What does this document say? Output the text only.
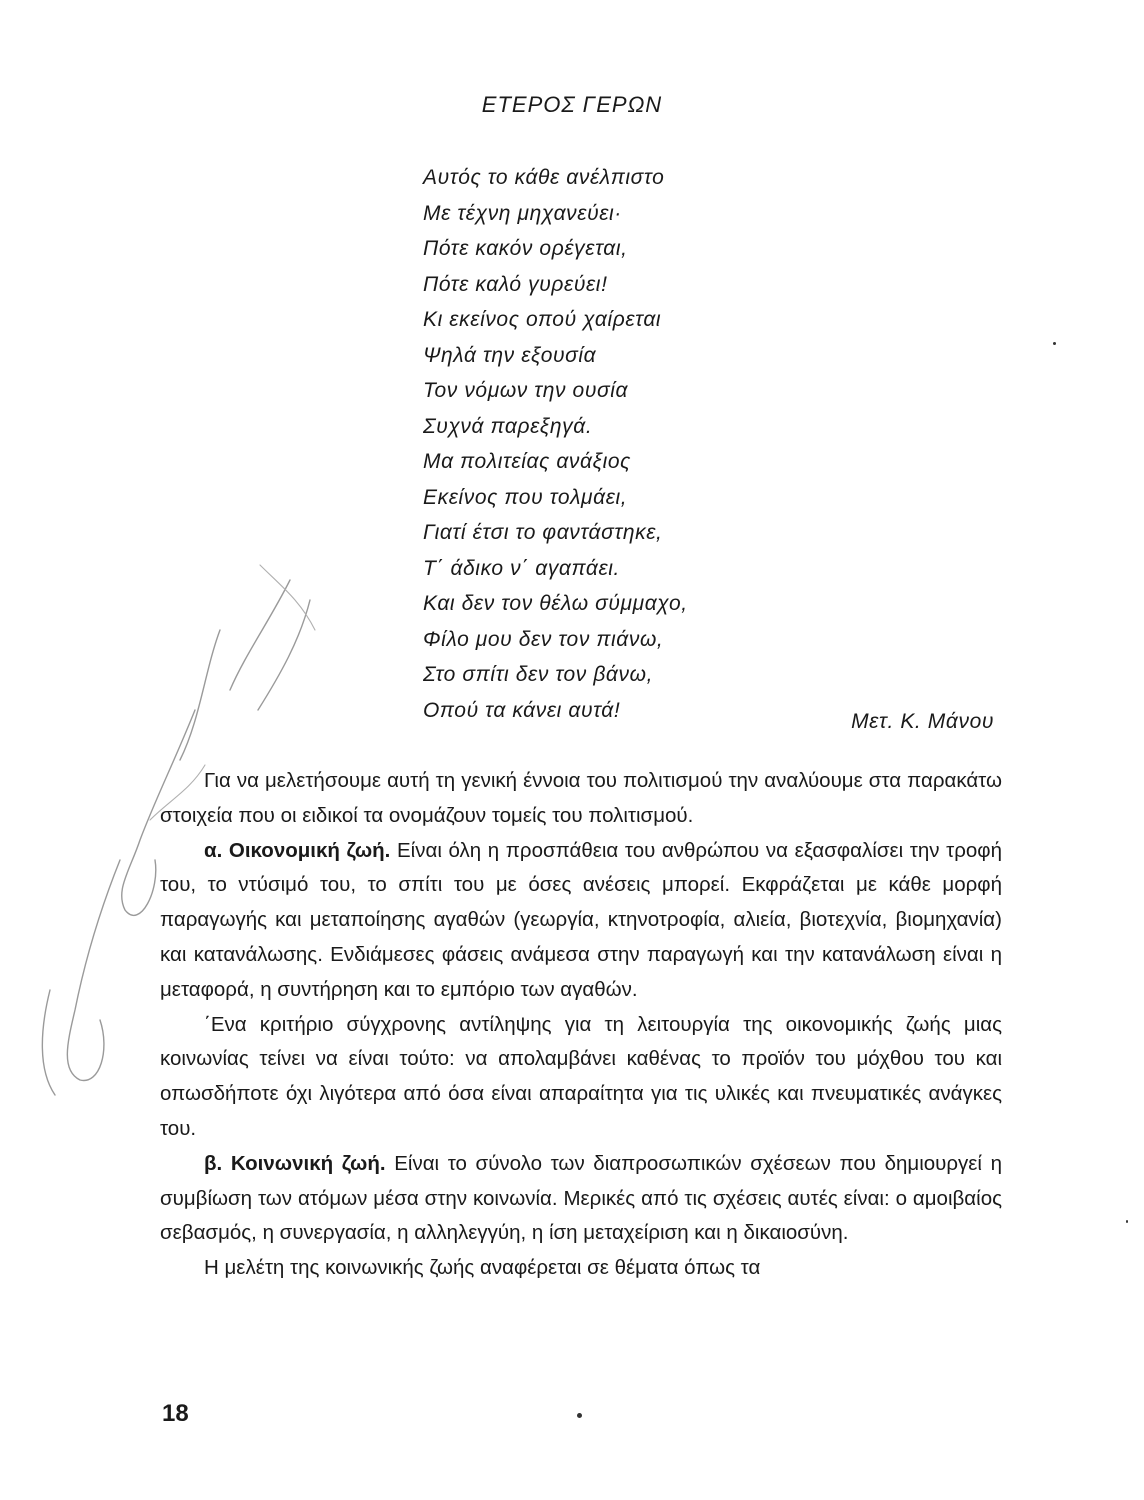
ΕΤΕΡΟΣ ΓΕΡΩΝ
Αυτός το κάθε ανέλπιστο
Με τέχνη μηχανεύει·
Πότε κακόν ορέγεται,
Πότε καλό γυρεύει!
Κι εκείνος οπού χαίρεται
Ψηλά την εξουσία
Τον νόμων την ουσία
Συχνά παρεξηγά.
Μα πολιτείας ανάξιος
Εκείνος που τολμάει,
Γιατί έτσι το φαντάστηκε,
Τ΄ άδικο ν΄ αγαπάει.
Και δεν τον θέλω σύμμαχο,
Φίλο μου δεν τον πιάνω,
Στο σπίτι δεν τον βάνω,
Οπού τα κάνει αυτά!	Μετ. Κ. Μάνου

Για να μελετήσουμε αυτή τη γενική έννοια του πολιτισμού την αναλύουμε στα παρακάτω στοιχεία που οι ειδικοί τα ονομάζουν τομείς του πολιτισμού.

α. Οικονομική ζωή. Είναι όλη η προσπάθεια του ανθρώπου να εξασφαλίσει την τροφή του, το ντύσιμό του, το σπίτι του με όσες ανέσεις μπορεί. Εκφράζεται με κάθε μορφή παραγωγής και μεταποίησης αγαθών (γεωργία, κτηνοτροφία, αλιεία, βιοτεχνία, βιομηχανία) και κατανάλωσης. Ενδιάμεσες φάσεις ανάμεσα στην παραγωγή και την κατανάλωση είναι η μεταφορά, η συντήρηση και το εμπόριο των αγαθών.

΄Ενα κριτήριο σύγχρονης αντίληψης για τη λειτουργία της οικονομικής ζωής μιας κοινωνίας τείνει να είναι τούτο: να απολαμβάνει καθένας το προϊόν του μόχθου του και οπωσδήποτε όχι λιγότερα από όσα είναι απαραίτητα για τις υλικές και πνευματικές ανάγκες του.

β. Κοινωνική ζωή. Είναι το σύνολο των διαπροσωπικών σχέσεων που δημιουργεί η συμβίωση των ατόμων μέσα στην κοινωνία. Μερικές από τις σχέσεις αυτές είναι: ο αμοιβαίος σεβασμός, η συνεργασία, η αλληλεγγύη, η ίση μεταχείριση και η δικαιοσύνη.

Η μελέτη της κοινωνικής ζωής αναφέρεται σε θέματα όπως τα

18
